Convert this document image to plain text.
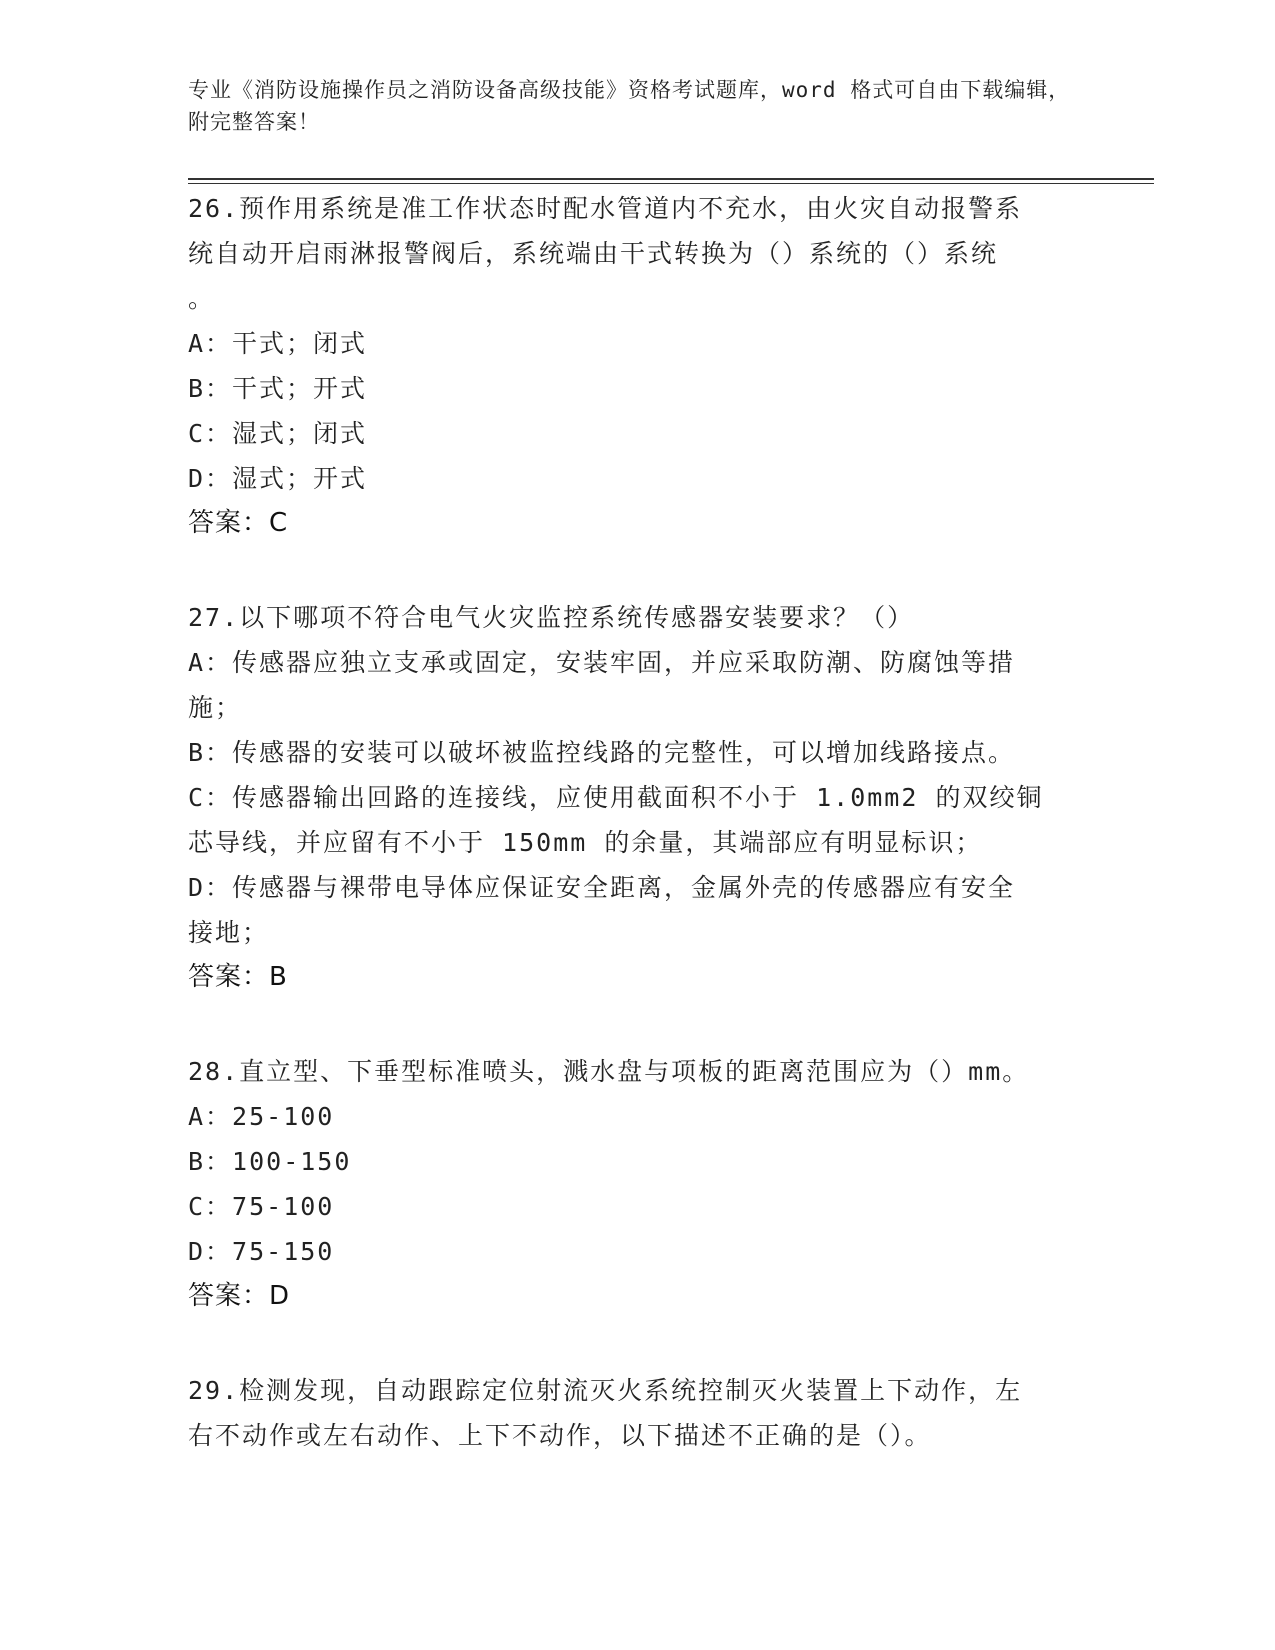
专业《消防设施操作员之消防设备高级技能》资格考试题库，word 格式可自由下载编辑，附完整答案！
26.预作用系统是准工作状态时配水管道内不充水，由火灾自动报警系
统自动开启雨淋报警阀后，系统端由干式转换为（）系统的（）系统
。
A：干式；闭式
B：干式；开式
C：湿式；闭式
D：湿式；开式
答案：C
27.以下哪项不符合电气火灾监控系统传感器安装要求？（）
A：传感器应独立支承或固定，安装牢固，并应采取防潮、防腐蚀等措
施；
B：传感器的安装可以破坏被监控线路的完整性，可以增加线路接点。
C：传感器输出回路的连接线，应使用截面积不小于 1.0mm2 的双绞铜
芯导线，并应留有不小于 150mm 的余量，其端部应有明显标识；
D：传感器与裸带电导体应保证安全距离，金属外壳的传感器应有安全
接地；
答案：B
28.直立型、下垂型标准喷头，溅水盘与项板的距离范围应为（）mm。
A：25-100
B：100-150
C：75-100
D：75-150
答案：D
29.检测发现，自动跟踪定位射流灭火系统控制灭火装置上下动作，左
右不动作或左右动作、上下不动作，以下描述不正确的是（）。
